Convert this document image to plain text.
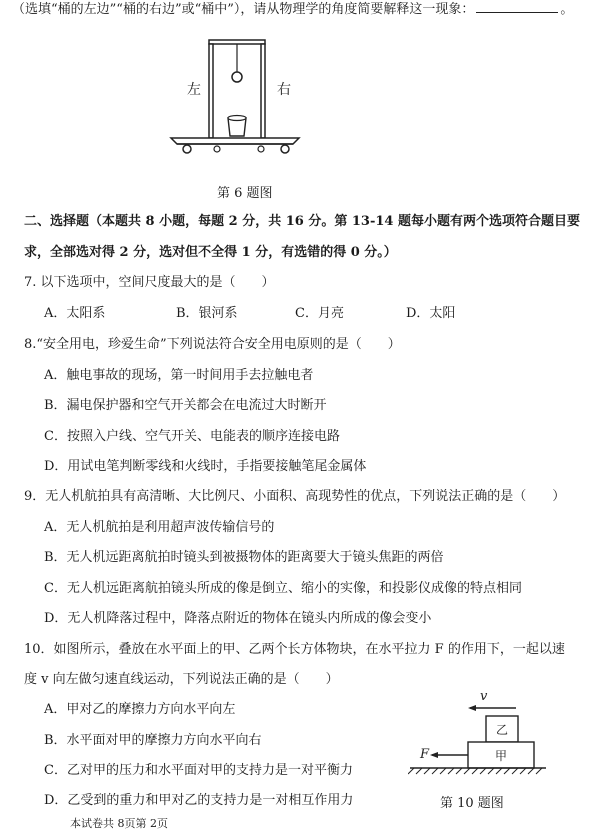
（选填“桶的左边”“桶的右边”或“桶中”），请从物理学的角度简要解释这一现象：	。
左	右
第 6 题图
二、选择题（本题共 8 小题，每题 2 分，共 16 分。第 13-14 题每小题有两个选项符合题目要
求，全部选对得 2 分，选对但不全得 1 分，有选错的得 0 分。）
7. 以下选项中，空间尺度最大的是（　　）
A．太阳系	B．银河系	C．月亮	D．太阳
8.“安全用电，珍爱生命”下列说法符合安全用电原则的是（　　）
A．触电事故的现场，第一时间用手去拉触电者
B．漏电保护器和空气开关都会在电流过大时断开
C．按照入户线、空气开关、电能表的顺序连接电路
D．用试电笔判断零线和火线时，手指要接触笔尾金属体
9．无人机航拍具有高清晰、大比例尺、小面积、高现势性的优点，下列说法正确的是（　　）
A．无人机航拍是利用超声波传输信号的
B．无人机远距离航拍时镜头到被摄物体的距离要大于镜头焦距的两倍
C．无人机远距离航拍镜头所成的像是倒立、缩小的实像，和投影仪成像的特点相同
D．无人机降落过程中，降落点附近的物体在镜头内所成的像会变小
10．如图所示，叠放在水平面上的甲、乙两个长方体物块，在水平拉力 F 的作用下，一起以速
度 v 向左做匀速直线运动，下列说法正确的是（　　）
A．甲对乙的摩擦力方向水平向左
B．水平面对甲的摩擦力方向水平向右
C．乙对甲的压力和水平面对甲的支持力是一对平衡力
D．乙受到的重力和甲对乙的支持力是一对相互作用力
v
乙
甲
F
第 10 题图
本试卷共 8页第 2页
